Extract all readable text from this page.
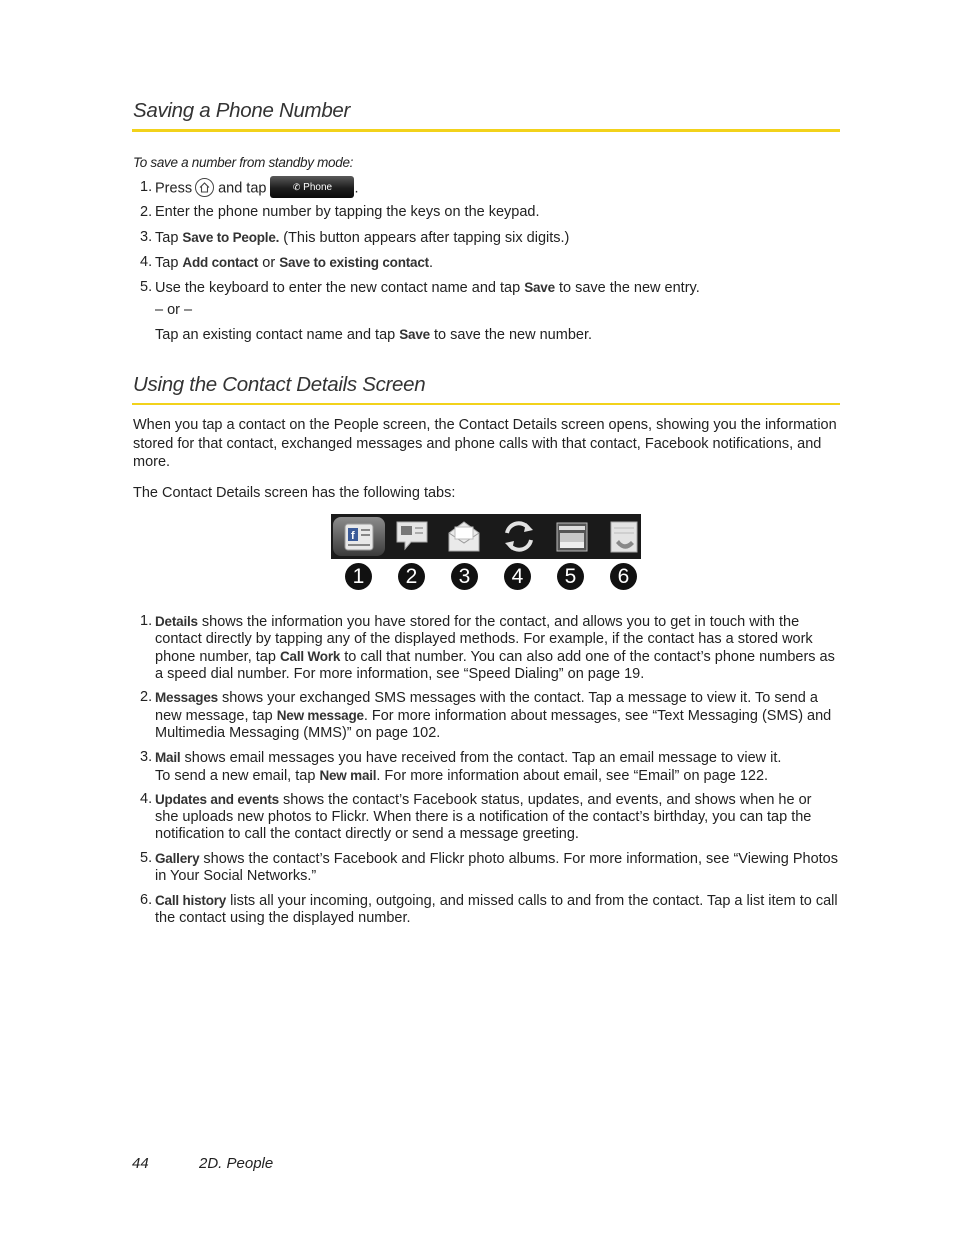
Saving a Phone Number
To save a number from standby mode:
1. Press and tap	✆ Phone .
2. Enter the phone number by tapping the keys on the keypad.
3. Tap Save to People. (This button appears after tapping six digits.)
4. Tap Add contact or Save to existing contact.
5. Use the keyboard to enter the new contact name and tap Save to save the new entry.
– or –
Tap an existing contact name and tap Save to save the new number.
Using the Contact Details Screen
When you tap a contact on the People screen, the Contact Details screen opens, showing you the information stored for that contact, exchanged messages and phone calls with that contact, Facebook notifications, and more.
The Contact Details screen has the following tabs:
f
1	2	3	4	5	6
1. Details shows the information you have stored for the contact, and allows you to get in touch with the contact directly by tapping any of the displayed methods. For example, if the contact has a stored work phone number, tap Call Work to call that number. You can also add one of the contact’s phone numbers as a speed dial number. For more information, see “Speed Dialing” on page 19.
2. Messages shows your exchanged SMS messages with the contact. Tap a message to view it. To send a new message, tap New message. For more information about messages, see “Text Messaging (SMS) and Multimedia Messaging (MMS)” on page 102.
3. Mail shows email messages you have received from the contact. Tap an email message to view it.
To send a new email, tap New mail. For more information about email, see “Email” on page 122.
4. Updates and events shows the contact’s Facebook status, updates, and events, and shows when he or she uploads new photos to Flickr. When there is a notification of the contact’s birthday, you can tap the notification to call the contact directly or send a message greeting.
5. Gallery shows the contact’s Facebook and Flickr photo albums. For more information, see “Viewing Photos in Your Social Networks.”
6. Call history lists all your incoming, outgoing, and missed calls to and from the contact. Tap a list item to call the contact using the displayed number.
44	2D. People
